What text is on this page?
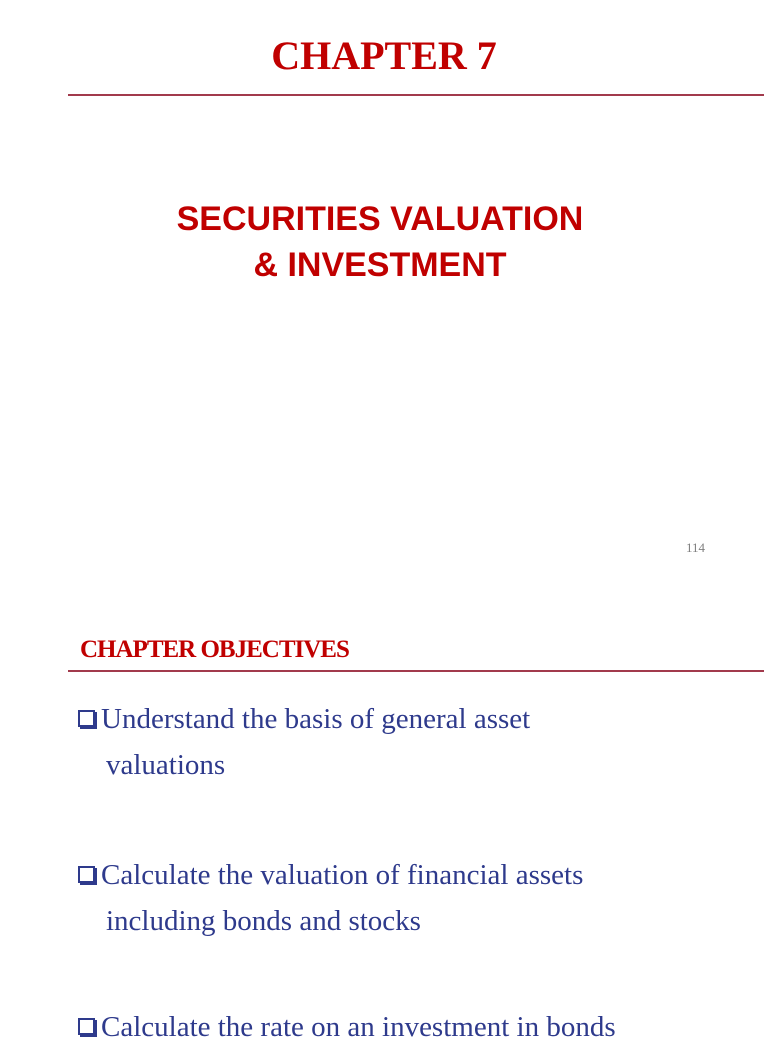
CHAPTER 7
SECURITIES VALUATION
& INVESTMENT
114
CHAPTER OBJECTIVES
Understand the basis of general asset
valuations
Calculate the valuation of financial assets
including bonds and stocks
Calculate the rate on an investment in bonds
